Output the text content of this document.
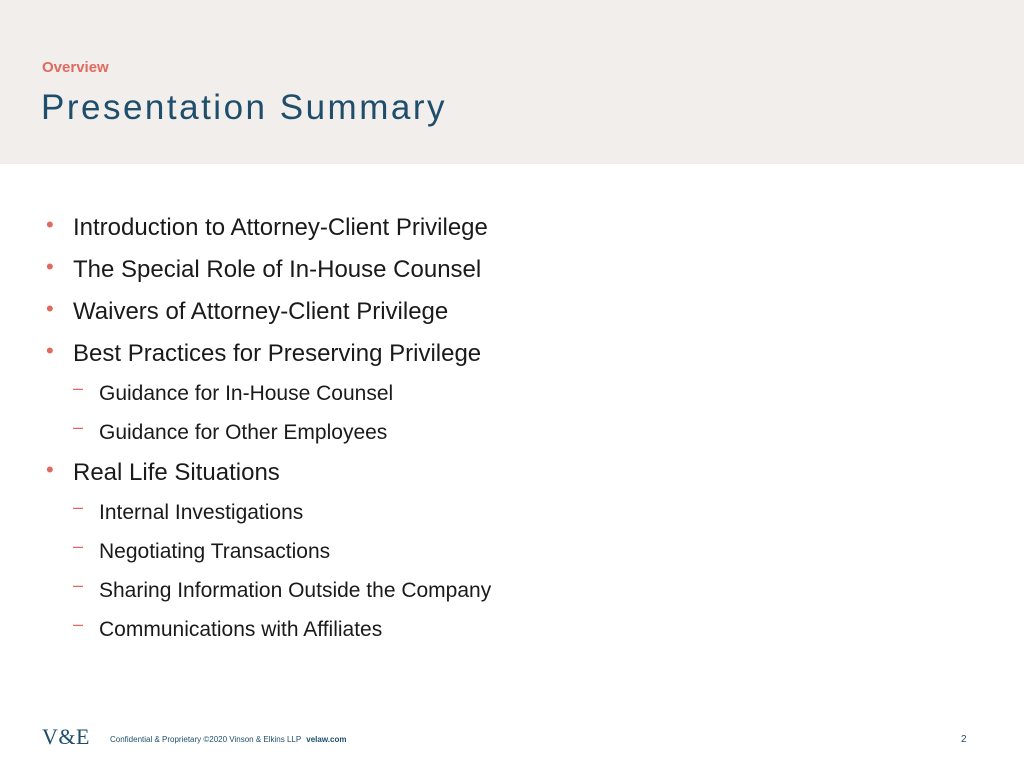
Overview
Presentation Summary
• Introduction to Attorney-Client Privilege
• The Special Role of In-House Counsel
• Waivers of Attorney-Client Privilege
• Best Practices for Preserving Privilege
– Guidance for In-House Counsel
– Guidance for Other Employees
• Real Life Situations
– Internal Investigations
– Negotiating Transactions
– Sharing Information Outside the Company
– Communications with Affiliates
V&E	Confidential & Proprietary ©2020 Vinson & Elkins LLP velaw.com	2
